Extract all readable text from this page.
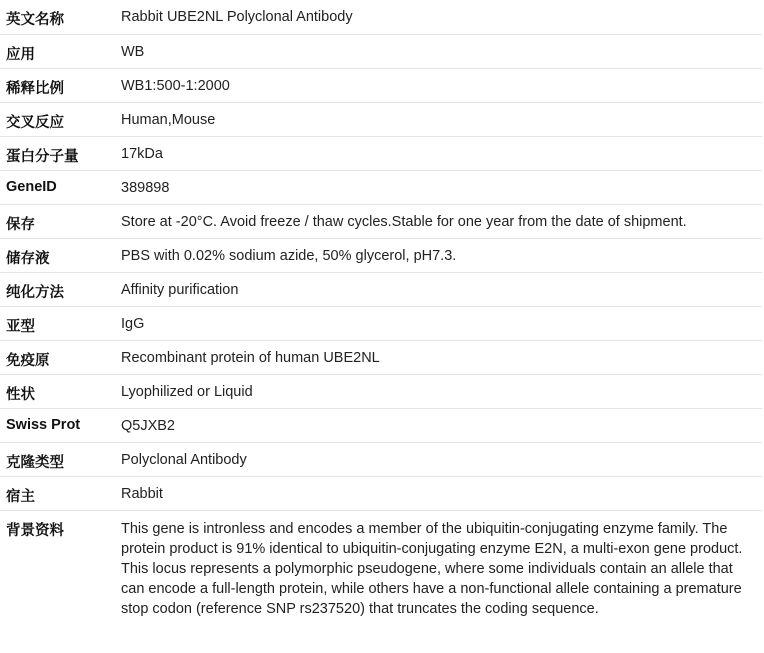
英文名称	Rabbit UBE2NL Polyclonal Antibody
应用	WB
稀释比例	WB1:500-1:2000
交叉反应	Human,Mouse
蛋白分子量	17kDa
GeneID	389898
保存	Store at -20°C. Avoid freeze / thaw cycles.Stable for one year from the date of shipment.
储存液	PBS with 0.02% sodium azide, 50% glycerol, pH7.3.
纯化方法	Affinity purification
亚型	IgG
免疫原	Recombinant protein of human UBE2NL
性状	Lyophilized or Liquid
Swiss Prot	Q5JXB2
克隆类型	Polyclonal Antibody
宿主	Rabbit
背景资料	This gene is intronless and encodes a member of the ubiquitin-conjugating enzyme family. The protein product is 91% identical to ubiquitin-conjugating enzyme E2N, a multi-exon gene product. This locus represents a polymorphic pseudogene, where some individuals contain an allele that can encode a full-length protein, while others have a non-functional allele containing a premature stop codon (reference SNP rs237520) that truncates the coding sequence.
